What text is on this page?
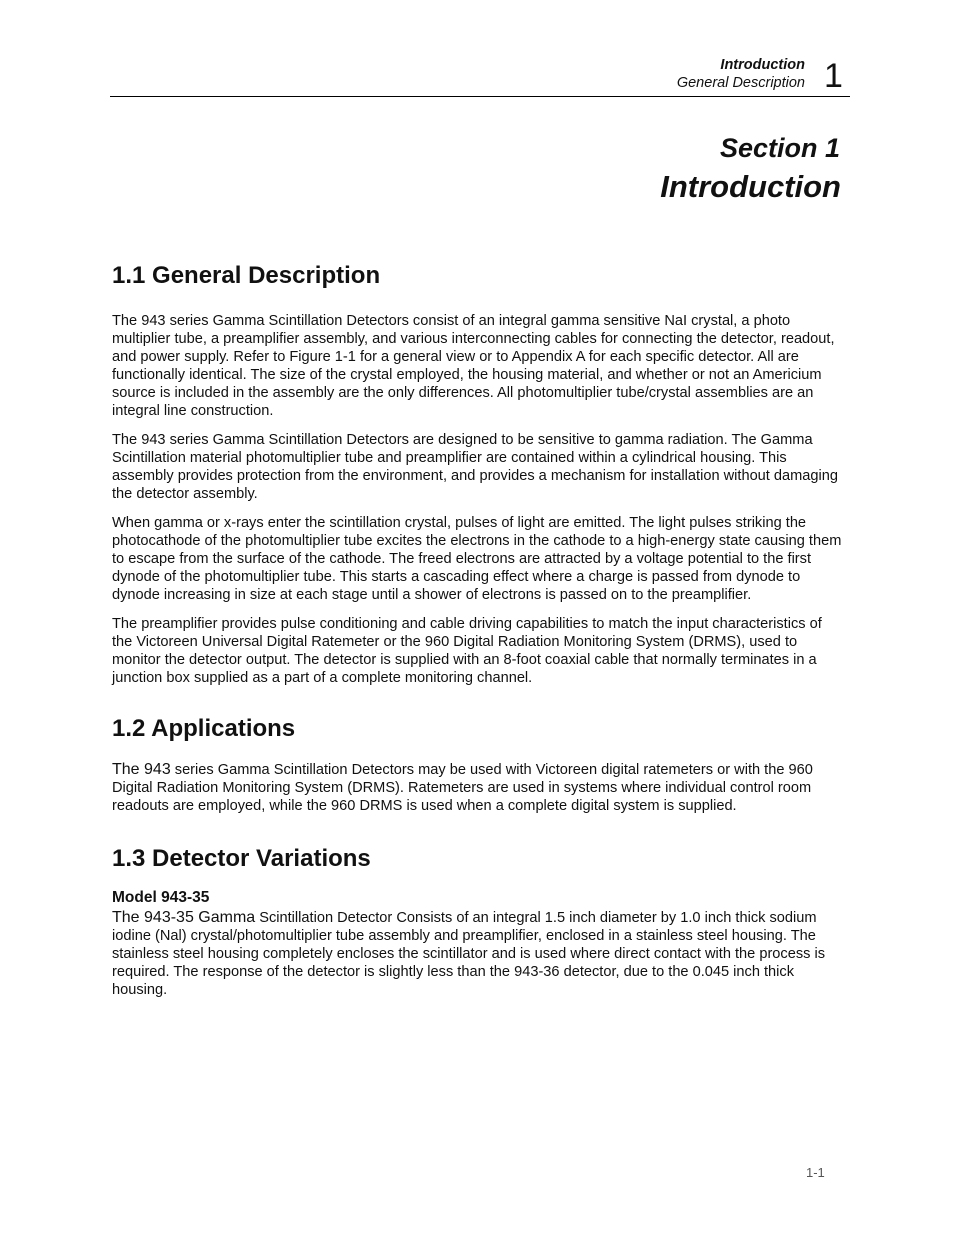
Introduction
General Description 1
Section 1
Introduction
1.1 General Description

The 943 series Gamma Scintillation Detectors consist of an integral gamma sensitive NaI crystal, a photo multiplier tube, a preamplifier assembly, and various interconnecting cables for connecting the detector, readout, and power supply. Refer to Figure 1-1 for a general view or to Appendix A for each specific detector. All are functionally identical. The size of the crystal employed, the housing material, and whether or not an Americium source is included in the assembly are the only differences. All photomultiplier tube/crystal assemblies are an integral line construction.

The 943 series Gamma Scintillation Detectors are designed to be sensitive to gamma radiation. The Gamma Scintillation material photomultiplier tube and preamplifier are contained within a cylindrical housing. This assembly provides protection from the environment, and provides a mechanism for installation without damaging the detector assembly.

When gamma or x-rays enter the scintillation crystal, pulses of light are emitted. The light pulses striking the photocathode of the photomultiplier tube excites the electrons in the cathode to a high-energy state causing them to escape from the surface of the cathode. The freed electrons are attracted by a voltage potential to the first dynode of the photomultiplier tube. This starts a cascading effect where a charge is passed from dynode to dynode increasing in size at each stage until a shower of electrons is passed on to the preamplifier.

The preamplifier provides pulse conditioning and cable driving capabilities to match the input characteristics of the Victoreen Universal Digital Ratemeter or the 960 Digital Radiation Monitoring System (DRMS), used to monitor the detector output. The detector is supplied with an 8-foot coaxial cable that normally terminates in a junction box supplied as a part of a complete monitoring channel.

1.2 Applications

The 943 series Gamma Scintillation Detectors may be used with Victoreen digital ratemeters or with the 960 Digital Radiation Monitoring System (DRMS). Ratemeters are used in systems where individual control room readouts are employed, while the 960 DRMS is used when a complete digital system is supplied.

1.3 Detector Variations
Model 943-35

The 943-35 Gamma Scintillation Detector Consists of an integral 1.5 inch diameter by 1.0 inch thick sodium iodine (Nal) crystal/photomultiplier tube assembly and preamplifier, enclosed in a stainless steel housing. The stainless steel housing completely encloses the scintillator and is used where direct contact with the process is required. The response of the detector is slightly less than the 943-36 detector, due to the 0.045 inch thick housing.

1-1
